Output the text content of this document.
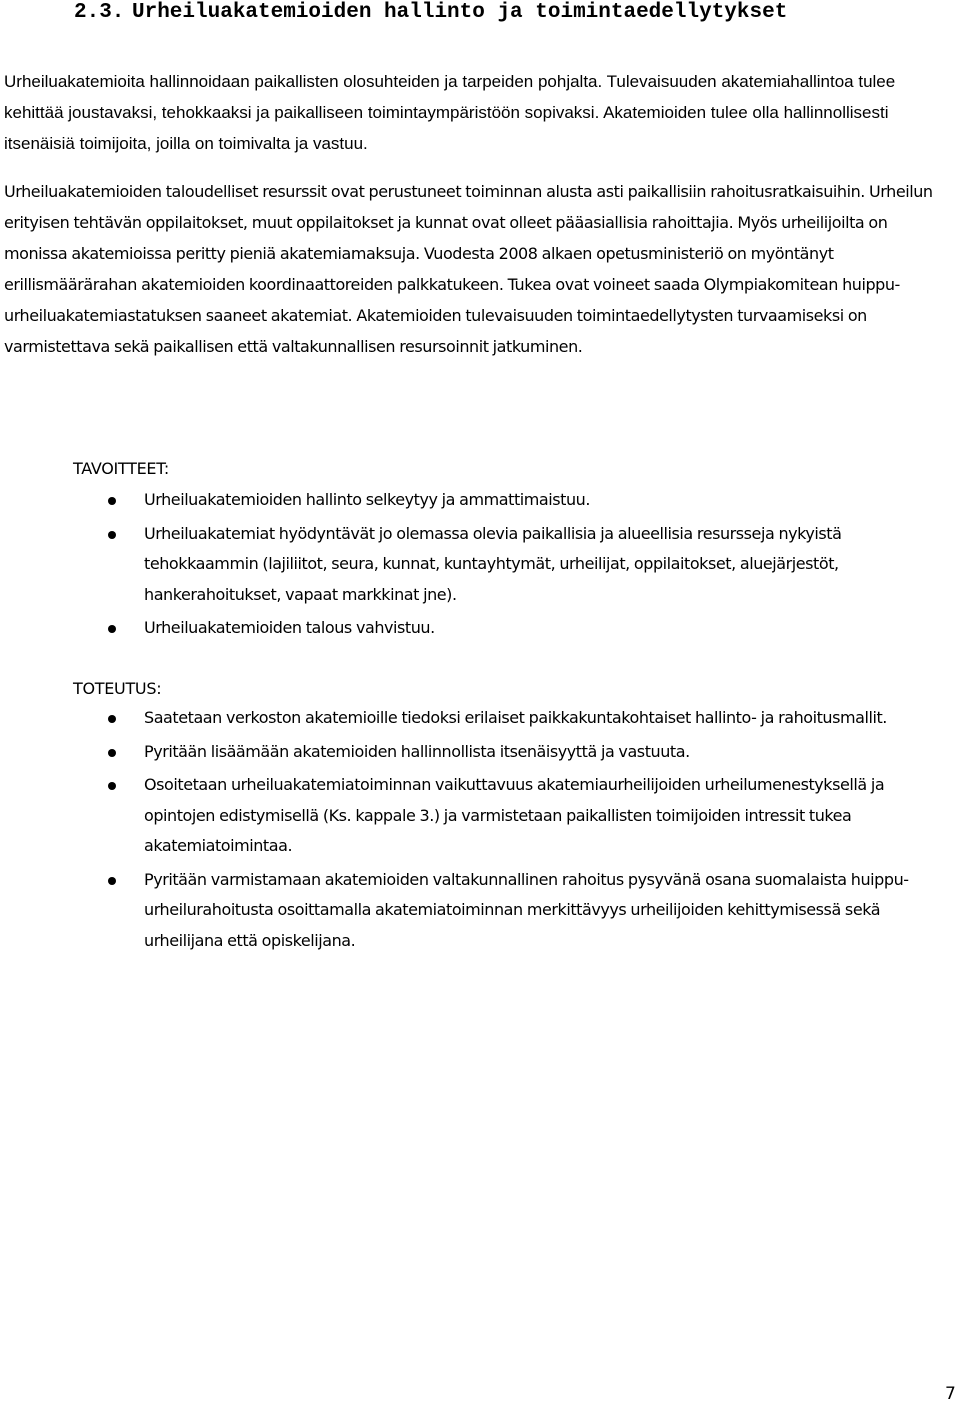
2.3. Urheiluakatemioiden hallinto ja toimintaedellytykset

Urheiluakatemioita hallinnoidaan paikallisten olosuhteiden ja tarpeiden pohjalta. Tulevaisuuden akatemiahallintoa tulee kehittää joustavaksi, tehokkaaksi ja paikalliseen toimintaympäristöön sopivaksi. Akatemioiden tulee olla hallinnollisesti itsenäisiä toimijoita, joilla on toimivalta ja vastuu.

Urheiluakatemioiden taloudelliset resurssit ovat perustuneet toiminnan alusta asti paikallisiin rahoitusratkaisuihin. Urheilun erityisen tehtävän oppilaitokset, muut oppilaitokset ja kunnat ovat olleet pääasiallisia rahoittajia. Myös urheilijoilta on monissa akatemioissa peritty pieniä akatemiamaksuja. Vuodesta 2008 alkaen opetusministeriö on myöntänyt erillismäärärahan akatemioiden koordinaattoreiden palkkatukeen. Tukea ovat voineet saada Olympiakomitean huippu-urheiluakatemiastatuksen saaneet akatemiat. Akatemioiden tulevaisuuden toimintaedellytysten turvaamiseksi on varmistettava sekä paikallisen että valtakunnallisen resursoinnit jatkuminen.

TAVOITTEET:
Urheiluakatemioiden hallinto selkeytyy ja ammattimaistuu.
Urheiluakatemiat hyödyntävät jo olemassa olevia paikallisia ja alueellisia resursseja nykyistä tehokkaammin (lajiliitot, seura, kunnat, kuntayhtymät, urheilijat, oppilaitokset, aluejärjestöt, hankerahoitukset, vapaat markkinat jne).
Urheiluakatemioiden talous vahvistuu.
TOTEUTUS:
Saatetaan verkoston akatemioille tiedoksi erilaiset paikkakuntakohtaiset hallinto- ja rahoitusmallit.
Pyritään lisäämään akatemioiden hallinnollista itsenäisyyttä ja vastuuta.
Osoitetaan urheiluakatemiatoiminnan vaikuttavuus akatemiaurheilijoiden urheilumenestyksellä ja opintojen edistymisellä (Ks. kappale 3.) ja varmistetaan paikallisten toimijoiden intressit tukea akatemiatoimintaa.
Pyritään varmistamaan akatemioiden valtakunnallinen rahoitus pysyvänä osana suomalaista huippu-urheilurahoitusta osoittamalla akatemiatoiminnan merkittävyys urheilijoiden kehittymisessä sekä urheilijana että opiskelijana.
7
